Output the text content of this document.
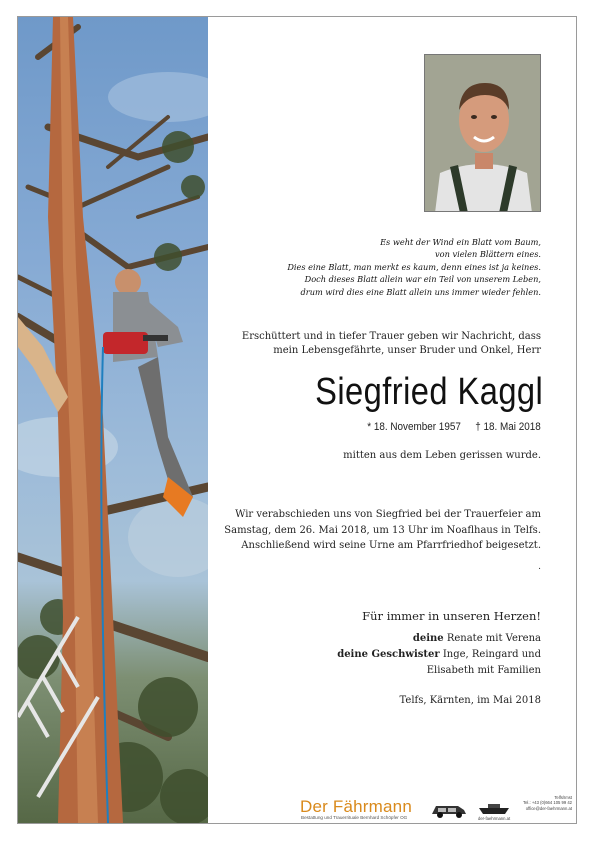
Es weht der Wind ein Blatt vom Baum,
von vielen Blättern eines.
Dies eine Blatt, man merkt es kaum, denn eines ist ja keines.
Doch dieses Blatt allein war ein Teil von unserem Leben,
drum wird dies eine Blatt allein uns immer wieder fehlen.
Erschüttert und in tiefer Trauer geben wir Nachricht, dass
mein Lebensgefährte, unser Bruder und Onkel, Herr
Siegfried Kaggl
* 18. November 1957 † 18. Mai 2018
mitten aus dem Leben gerissen wurde.
Wir verabschieden uns von Siegfried bei der Trauerfeier am
Samstag, dem 26. Mai 2018, um 13 Uhr im Noaflhaus in Telfs.
Anschließend wird seine Urne am Pfarrfriedhof beigesetzt.
.
Für immer in unseren Herzen!
deine Renate mit Verena
deine Geschwister Inge, Reingard und
Elisabeth mit Familien
Telfs, Kärnten, im Mai 2018
Der Fährmann
Bestattung und Trauerrituale Bernhard Schöpfer OG	der-faehrmann.at
Telfs/Imst
Tel.: +43 (0)664 105 99 42
office@der-faehrmann.at
